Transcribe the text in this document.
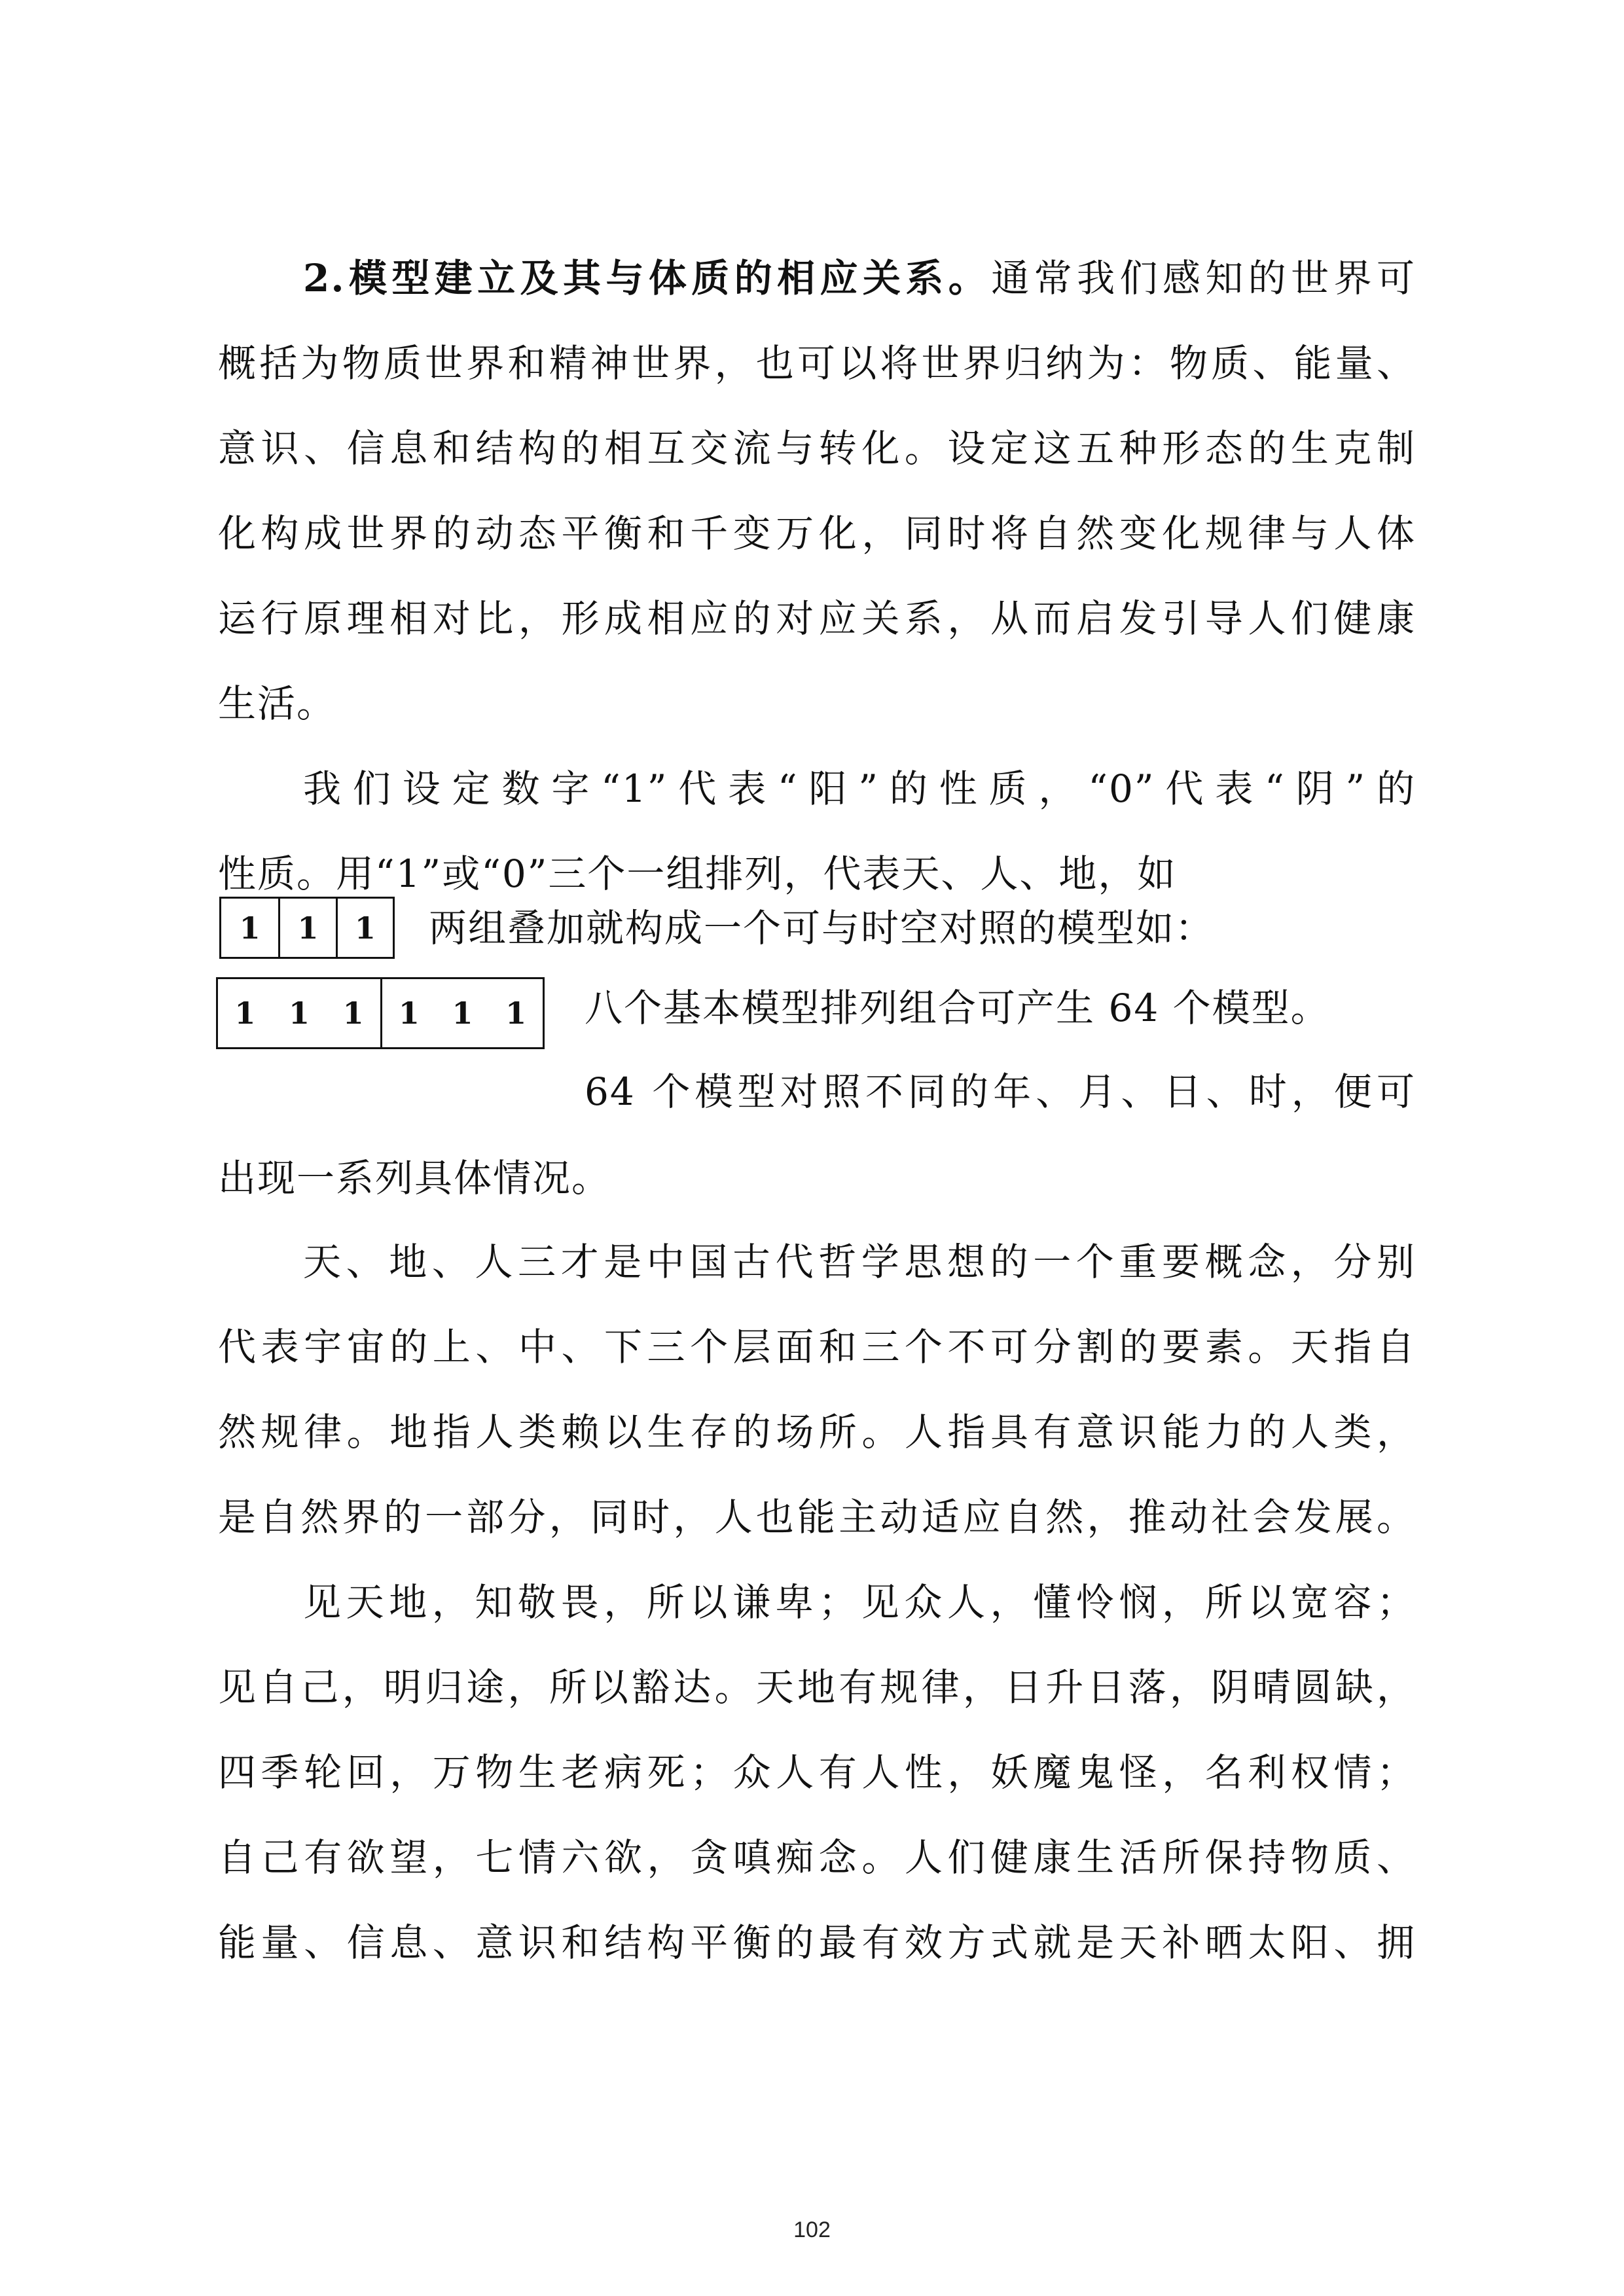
2.模型建立及其与体质的相应关系。通常我们感知的世界可
概括为物质世界和精神世界，也可以将世界归纳为：物质、能量、
意识、信息和结构的相互交流与转化。设定这五种形态的生克制
化构成世界的动态平衡和千变万化，同时将自然变化规律与人体
运行原理相对比，形成相应的对应关系，从而启发引导人们健康
生活。
我们设定数字“1”代表“阳”的性质，“0”代表“阴”的
性质。用“1”或“0”三个一组排列，代表天、人、地，如
1	1	1	两组叠加就构成一个可与时空对照的模型如：
1 1 1 1 1 1 八个基本模型排列组合可产生 64 个模型。
64 个模型对照不同的年、月、日、时，便可
出现一系列具体情况。
天、地、人三才是中国古代哲学思想的一个重要概念，分别
代表宇宙的上、中、下三个层面和三个不可分割的要素。天指自
然规律。地指人类赖以生存的场所。人指具有意识能力的人类，
是自然界的一部分，同时，人也能主动适应自然，推动社会发展。
见天地，知敬畏，所以谦卑；见众人，懂怜悯，所以宽容；
见自己，明归途，所以豁达。天地有规律，日升日落，阴晴圆缺，
四季轮回，万物生老病死；众人有人性，妖魔鬼怪，名利权情；
自己有欲望，七情六欲，贪嗔痴念。人们健康生活所保持物质、
能量、信息、意识和结构平衡的最有效方式就是天补晒太阳、拥
102
